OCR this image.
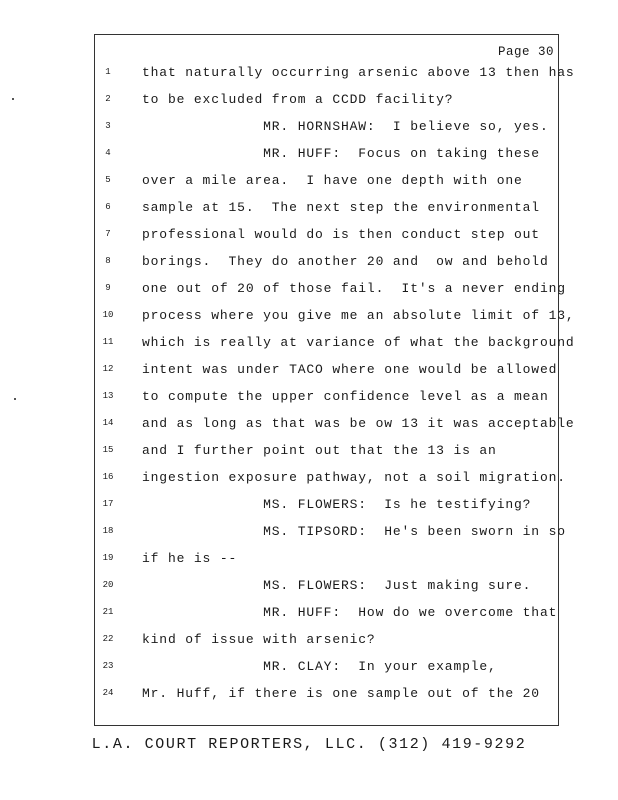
Page 30
1	that naturally occurring arsenic above 13 then has
2	to be excluded from a CCDD facility?
3	MR. HORNSHAW:  I believe so, yes.
4	MR. HUFF:  Focus on taking these
5	over a mile area.  I have one depth with one
6	sample at 15.  The next step the environmental
7	professional would do is then conduct step out
8	borings.  They do another 20 and  ow and behold
9	one out of 20 of those fail.  It's a never ending
10 process where you give me an absolute limit of 13,
11 which is really at variance of what the background
12 intent was under TACO where one would be allowed
13 to compute the upper confidence level as a mean
14 and as long as that was be ow 13 it was acceptable
15 and I further point out that the 13 is an
16 ingestion exposure pathway, not a soil migration.
17 MS. FLOWERS:  Is he testifying?
18 MS. TIPSORD:  He's been sworn in so
19 if he is --
20 MS. FLOWERS:  Just making sure.
21 MR. HUFF:  How do we overcome that
22 kind of issue with arsenic?
23 MR. CLAY:  In your example,
24 Mr. Huff, if there is one sample out of the 20
L.A. COURT REPORTERS, LLC. (312) 419-9292
